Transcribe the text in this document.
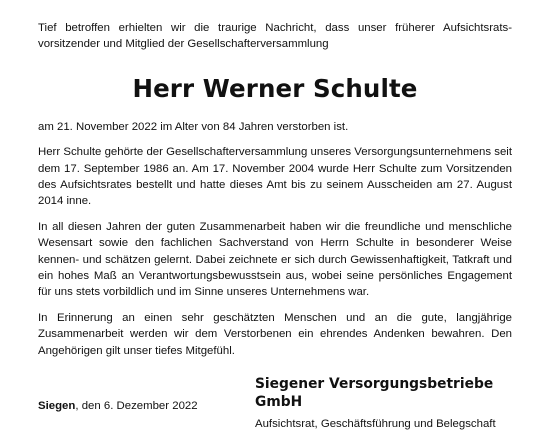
Tief betroffen erhielten wir die traurige Nachricht, dass unser früherer Aufsichtsratsvorsitzender und Mitglied der Gesellschafterversammlung

Herr Werner Schulte

am 21. November 2022 im Alter von 84 Jahren verstorben ist.

Herr Schulte gehörte der Gesellschafterversammlung unseres Versorgungsunternehmens seit dem 17. September 1986 an. Am 17. November 2004 wurde Herr Schulte zum Vorsitzenden des Aufsichtsrates bestellt und hatte dieses Amt bis zu seinem Ausscheiden am 27. August 2014 inne.

In all diesen Jahren der guten Zusammenarbeit haben wir die freundliche und menschliche Wesensart sowie den fachlichen Sachverstand von Herrn Schulte in besonderer Weise kennen- und schätzen gelernt. Dabei zeichnete er sich durch Gewissenhaftigkeit, Tatkraft und ein hohes Maß an Verantwortungsbewusstsein aus, wobei seine persönliches Engagement für uns stets vorbildlich und im Sinne unseres Unternehmens war.

In Erinnerung an einen sehr geschätzten Menschen und an die gute, langjährige Zusammenarbeit werden wir dem Verstorbenen ein ehrendes Andenken bewahren. Den Angehörigen gilt unser tiefes Mitgefühl.

Siegener Versorgungsbetriebe GmbH
Aufsichtsrat, Geschäftsführung und Belegschaft
Siegen, den 6. Dezember 2022
